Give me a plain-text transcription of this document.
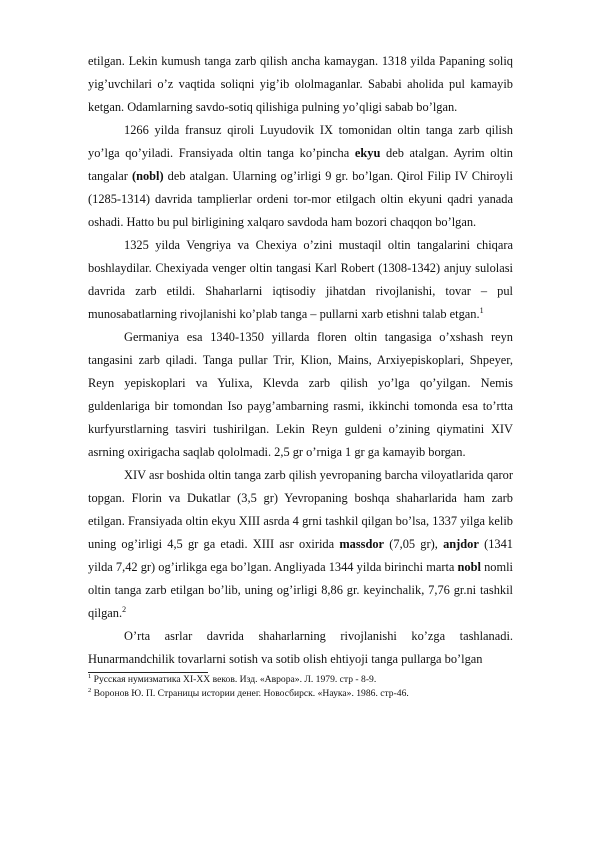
etilgan. Lekin kumush tanga zarb qilish ancha kamaygan. 1318 yilda Papaning soliq yig’uvchilari o’z vaqtida soliqni yig’ib ololmaganlar. Sababi aholida pul kamayib ketgan. Odamlarning savdo-sotiq qilishiga pulning yo’qligi sabab bo’lgan.

1266 yilda fransuz qiroli Luyudovik IX tomonidan oltin tanga zarb qilish yo’lga qo’yiladi. Fransiyada oltin tanga ko’pincha ekyu deb atalgan. Ayrim oltin tangalar (nobl) deb atalgan. Ularning og’irligi 9 gr. bo’lgan. Qirol Filip IV Chiroyli (1285-1314) davrida tamplierlar ordeni tor-mor etilgach oltin ekyuni qadri yanada oshadi. Hatto bu pul birligining xalqaro savdoda ham bozori chaqqon bo’lgan.

1325 yilda Vengriya va Chexiya o’zini mustaqil oltin tangalarini chiqara boshlaydilar. Chexiyada venger oltin tangasi Karl Robert (1308-1342) anjuy sulolasi davrida zarb etildi. Shaharlarni iqtisodiy jihatdan rivojlanishi, tovar – pul munosabatlarning rivojlanishi ko’plab tanga – pullarni xarb etishni talab etgan.$^1$

Germaniya esa 1340-1350 yillarda floren oltin tangasiga o’xshash reyn tangasini zarb qiladi. Tanga pullar Trir, Klion, Mains, Arxiyepiskoplari, Shpeyer, Reyn yepiskoplari va Yulixa, Klevda zarb qilish yo’lga qo’yilgan. Nemis guldenlariga bir tomondan Iso payg’ambarning rasmi, ikkinchi tomonda esa to’rtta kurfyurstlarning tasviri tushirilgan. Lekin Reyn guldeni o’zining qiymatini XIV asrning oxirigacha saqlab qololmadi. 2,5 gr o’rniga 1 gr ga kamayib borgan.

XIV asr boshida oltin tanga zarb qilish yevropaning barcha viloyatlarida qaror topgan. Florin va Dukatlar (3,5 gr) Yevropaning boshqa shaharlarida ham zarb etilgan. Fransiyada oltin ekyu XIII asrda 4 grni tashkil qilgan bo’lsa, 1337 yilga kelib uning og’irligi 4,5 gr ga etadi. XIII asr oxirida massdor (7,05 gr), anjdor (1341 yilda 7,42 gr) og’irlikga ega bo’lgan. Angliyada 1344 yilda birinchi marta nobl nomli oltin tanga zarb etilgan bo’lib, uning og’irligi 8,86 gr. keyinchalik, 7,76 gr.ni tashkil qilgan.$^2$

O’rta asrlar davrida shaharlarning rivojlanishi ko’zga tashlanadi. Hunarmandchilik tovarlarni sotish va sotib olish ehtiyoji tanga pullarga bo’lgan

$^1$ Русская нумизматика XI-XX веков. Изд. «Аврора». Л. 1979. стр - 8-9.

$^2$ Воронов Ю. П. Страницы истории денег. Новосбирск. «Наука». 1986. стр-46.
